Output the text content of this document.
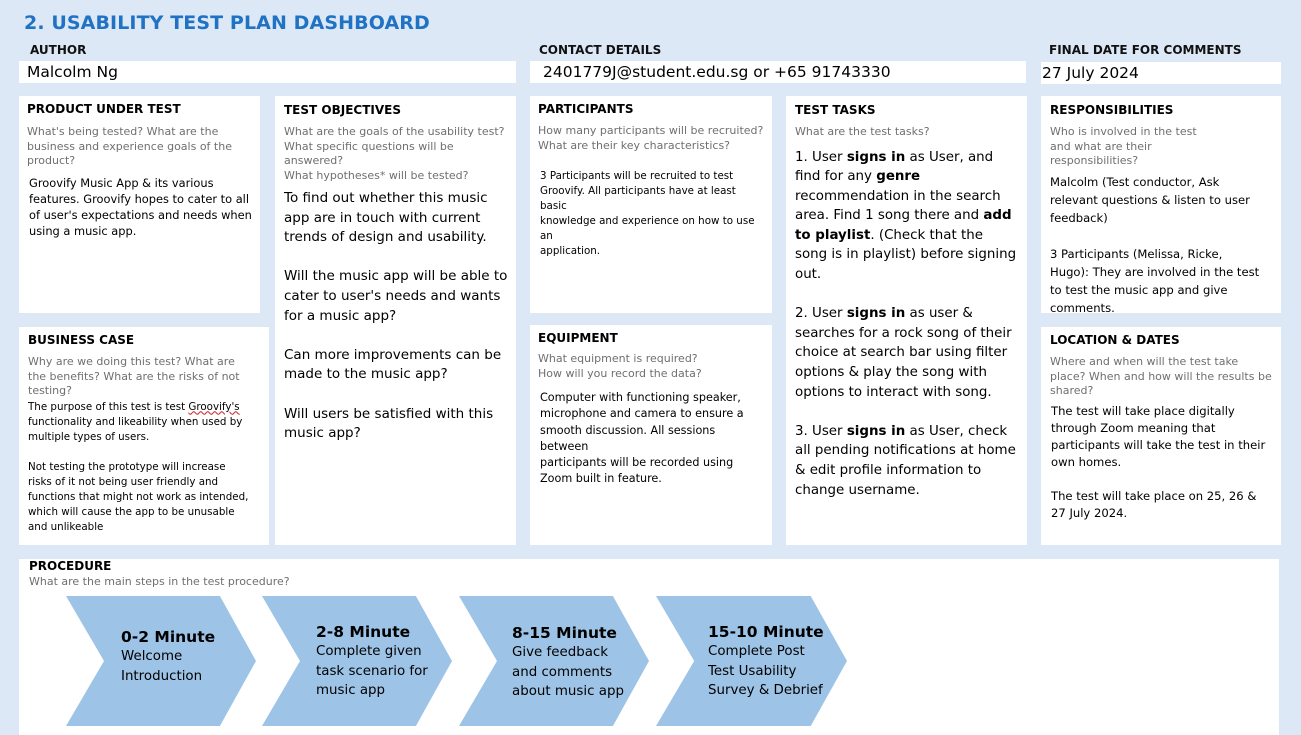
2. USABILITY TEST PLAN DASHBOARD
AUTHOR
Malcolm Ng
CONTACT DETAILS
2401779J@student.edu.sg or +65 91743330
FINAL DATE FOR COMMENTS
27 July 2024
PRODUCT UNDER TEST
What's being tested? What are the
business and experience goals of the
product?
Groovify Music App & its various
features. Groovify hopes to cater to all
of user's expectations and needs when
using a music app.
BUSINESS CASE
Why are we doing this test? What are
the benefits? What are the risks of not
testing?
The purpose of this test is test Groovify's
functionality and likeability when used by
multiple types of users.

Not testing the prototype will increase
risks of it not being user friendly and
functions that might not work as intended,
which will cause the app to be unusable
and unlikeable
TEST OBJECTIVES
What are the goals of the usability test?
What specific questions will be
answered?
What hypotheses* will be tested?
To find out whether this music
app are in touch with current
trends of design and usability.

Will the music app will be able to
cater to user's needs and wants
for a music app?

Can more improvements can be
made to the music app?

Will users be satisfied with this
music app?
PARTICIPANTS
How many participants will be recruited?
What are their key characteristics?
3 Participants will be recruited to test
Groovify. All participants have at least basic
knowledge and experience on how to use an
application.
EQUIPMENT
What equipment is required?
How will you record the data?
Computer with functioning speaker,
microphone and camera to ensure a
smooth discussion. All sessions between
participants will be recorded using
Zoom built in feature.
TEST TASKS
What are the test tasks?

1. User signs in as User, and find for any genre recommendation in the search area. Find 1 song there and add to playlist. (Check that the song is in playlist) before signing out.

2. User signs in as user & searches for a rock song of their choice at search bar using filter options & play the song with options to interact with song.

3. User signs in as User, check all pending notifications at home & edit profile information to change username.

RESPONSIBILITIES
Who is involved in the test
and what are their
responsibilities?
Malcolm (Test conductor, Ask
relevant questions & listen to user
feedback)

3 Participants (Melissa, Ricke,
Hugo): They are involved in the test
to test the music app and give
comments.
LOCATION & DATES
Where and when will the test take
place? When and how will the results be
shared?
The test will take place digitally
through Zoom meaning that
participants will take the test in their
own homes.

The test will take place on 25, 26 &
27 July 2024.
PROCEDURE
What are the main steps in the test procedure?
0-2 Minute
Welcome
Introduction
2-8 Minute
Complete given
task scenario for
music app
8-15 Minute
Give feedback
and comments
about music app
15-10 Minute
Complete Post
Test Usability
Survey & Debrief
